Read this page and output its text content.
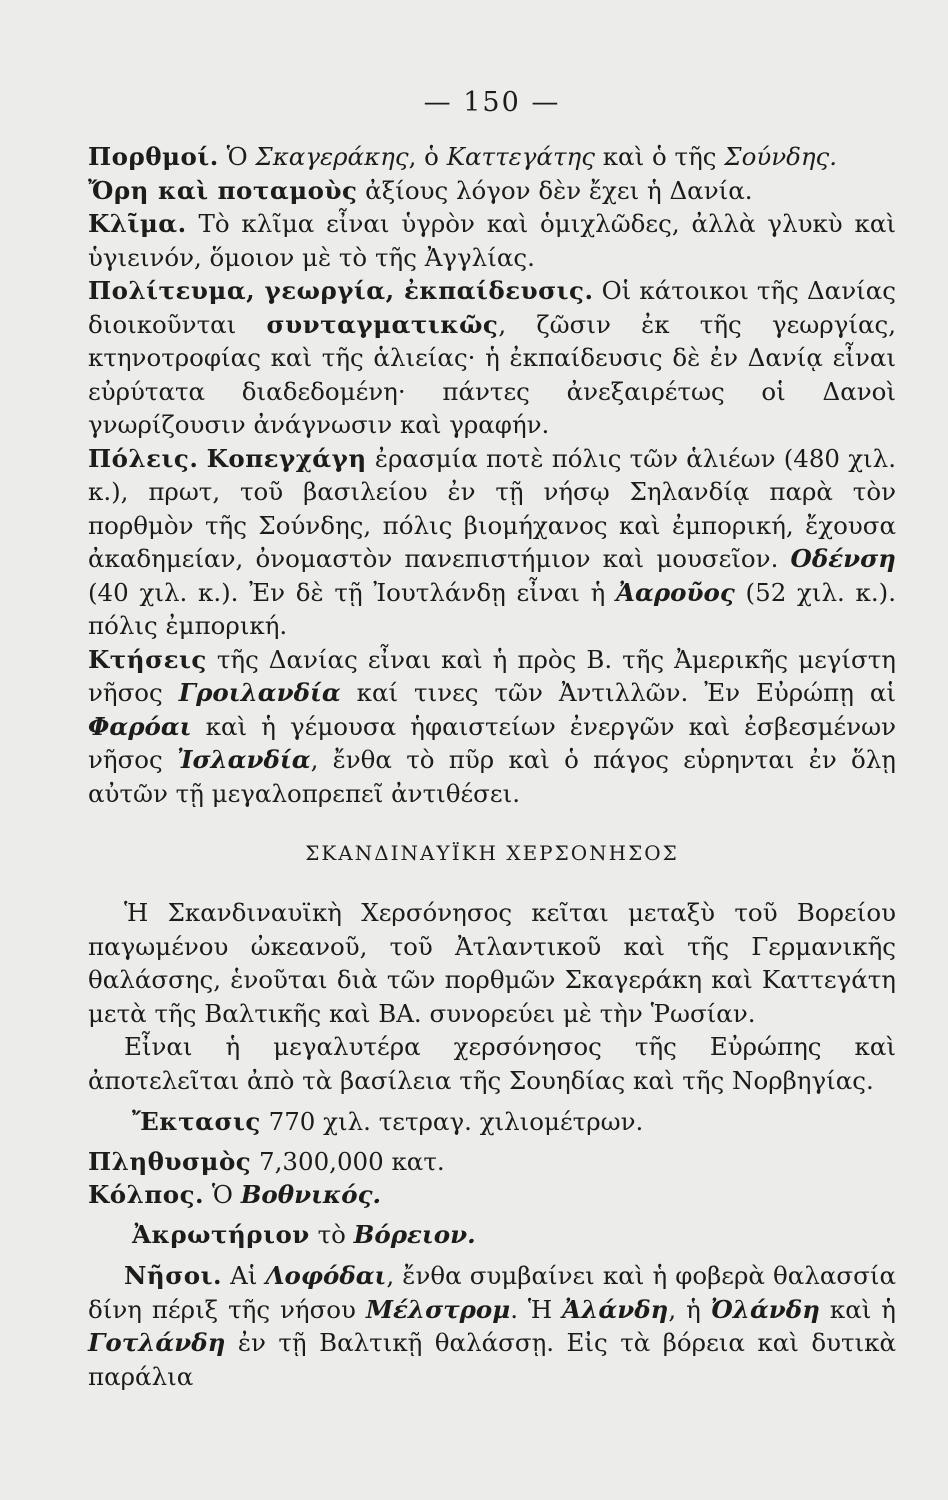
— 150 —

Πορθμοί. Ὁ Σκαγεράκης, ὁ Καττεγάτης καὶ ὁ τῆς Σούνδης.

Ὄρη καὶ ποταμοὺς ἀξίους λόγον δὲν ἔχει ἡ Δανία.

Κλῖμα. Τὸ κλῖμα εἶναι ὑγρὸν καὶ ὁμιχλῶδες, ἀλλὰ γλυκὺ καὶ ὑγιεινόν, ὅμοιον μὲ τὸ τῆς Ἀγγλίας.

Πολίτευμα, γεωργία, ἐκπαίδευσις. Οἱ κάτοικοι τῆς Δανίας διοικοῦνται συνταγματικῶς, ζῶσιν ἐκ τῆς γεωργίας, κτηνοτροφίας καὶ τῆς ἁλιείας· ἡ ἐκπαίδευσις δὲ ἐν Δανίᾳ εἶναι εὐρύτατα διαδεδομένη· πάντες ἀνεξαιρέτως οἱ Δανοὶ γνωρίζουσιν ἀνάγνωσιν καὶ γραφήν.

Πόλεις. Κοπεγχάγη ἐρασμία ποτὲ πόλις τῶν ἁλιέων (480 χιλ. κ.), πρωτ, τοῦ βασιλείου ἐν τῇ νήσῳ Σηλανδίᾳ παρὰ τὸν πορθμὸν τῆς Σούνδης, πόλις βιομήχανος καὶ ἐμπορική, ἔχουσα ἀκαδημείαν, ὀνομαστὸν πανεπιστήμιον καὶ μουσεῖον. Οδένση (40 χιλ. κ.). Ἐν δὲ τῇ Ἰουτλάνδῃ εἶναι ἡ Ἀαροῦος (52 χιλ. κ.). πόλις ἐμπορική.

Κτήσεις τῆς Δανίας εἶναι καὶ ἡ πρὸς Β. τῆς Ἀμερικῆς μεγίστη νῆσος Γροιλανδία καί τινες τῶν Ἀντιλλῶν. Ἐν Εὐρώπῃ αἱ Φαρόαι καὶ ἡ γέμουσα ἡφαιστείων ἐνεργῶν καὶ ἐσβεσμένων νῆσος Ἰσλανδία, ἔνθα τὸ πῦρ καὶ ὁ πάγος εὑρηνται ἐν ὅλῃ αὐτῶν τῇ μεγαλοπρεπεῖ ἀντιθέσει.

ΣΚΑΝΔΙΝΑΥΪΚΗ ΧΕΡΣΟΝΗΣΟΣ

Ἡ Σκανδιναυϊκὴ Χερσόνησος κεῖται μεταξὺ τοῦ Βορείου παγωμένου ὠκεανοῦ, τοῦ Ἀτλαντικοῦ καὶ τῆς Γερμανικῆς θαλάσσης, ἑνοῦται διὰ τῶν πορθμῶν Σκαγεράκη καὶ Καττεγάτη μετὰ τῆς Βαλτικῆς καὶ ΒΑ. συνορεύει μὲ τὴν Ῥωσίαν.

Εἶναι ἡ μεγαλυτέρα χερσόνησος τῆς Εὐρώπης καὶ ἀποτελεῖται ἀπὸ τὰ βασίλεια τῆς Σουηδίας καὶ τῆς Νορβηγίας.

Ἔκτασις 770 χιλ. τετραγ. χιλιομέτρων.

Πληθυσμὸς 7,300,000 κατ.

Κόλπος. Ὁ Βοθνικός.

Ἀκρωτήριον τὸ Βόρειον.

Νῆσοι. Αἱ Λοφόδαι, ἔνθα συμβαίνει καὶ ἡ φοβερὰ θαλασσία δίνη πέριξ τῆς νήσου Μέλστρομ. Ἡ Ἀλάνδη, ἡ Ὀλάνδη καὶ ἡ Γοτλάνδη ἐν τῇ Βαλτικῇ θαλάσσῃ. Εἰς τὰ βόρεια καὶ δυτικὰ παράλια
